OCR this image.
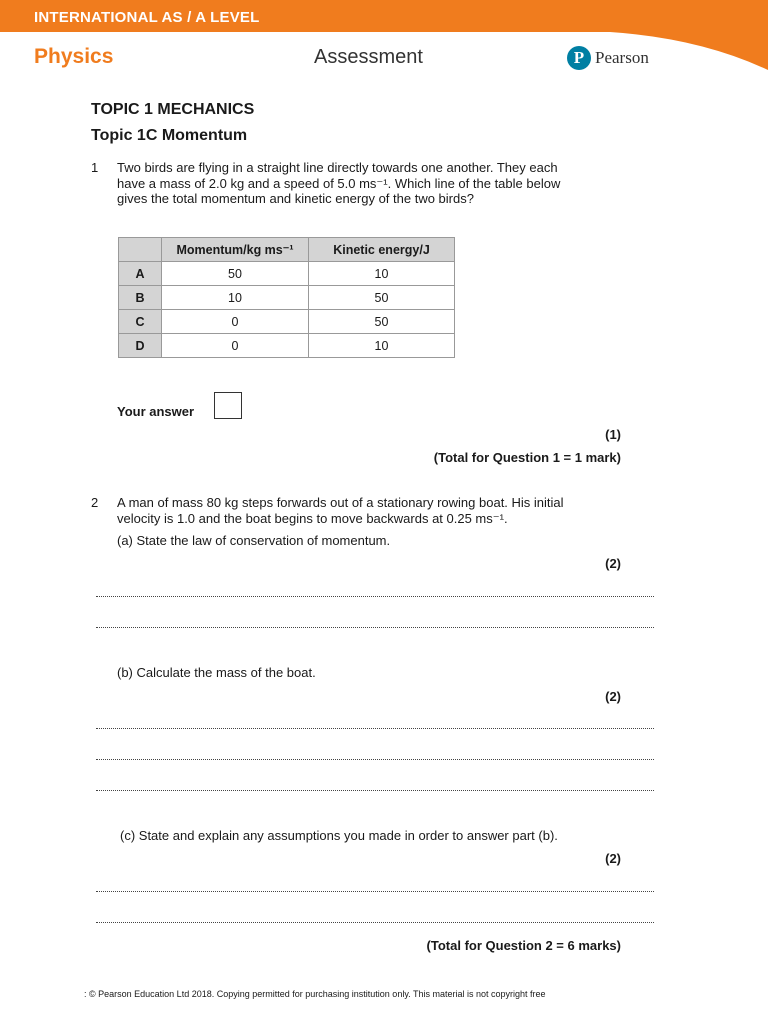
INTERNATIONAL AS / A LEVEL
Physics	Assessment	P Pearson
TOPIC 1 MECHANICS
Topic 1C Momentum
1 Two birds are flying in a straight line directly towards one another. They each
have a mass of 2.0 kg and a speed of 5.0 ms⁻¹. Which line of the table below
gives the total momentum and kinetic energy of the two birds?
	Momentum/kg ms⁻¹	Kinetic energy/J
A	50	10
B	10	50
C	0	50
D	0	10
Your answer
(1)
(Total for Question 1 = 1 mark)
2 A man of mass 80 kg steps forwards out of a stationary rowing boat. His initial
velocity is 1.0 and the boat begins to move backwards at 0.25 ms⁻¹.
(a) State the law of conservation of momentum.
(2)
(b) Calculate the mass of the boat.
(2)
(c) State and explain any assumptions you made in order to answer part (b).
(2)
(Total for Question 2 = 6 marks)
: © Pearson Education Ltd 2018. Copying permitted for purchasing institution only. This material is not copyright free
